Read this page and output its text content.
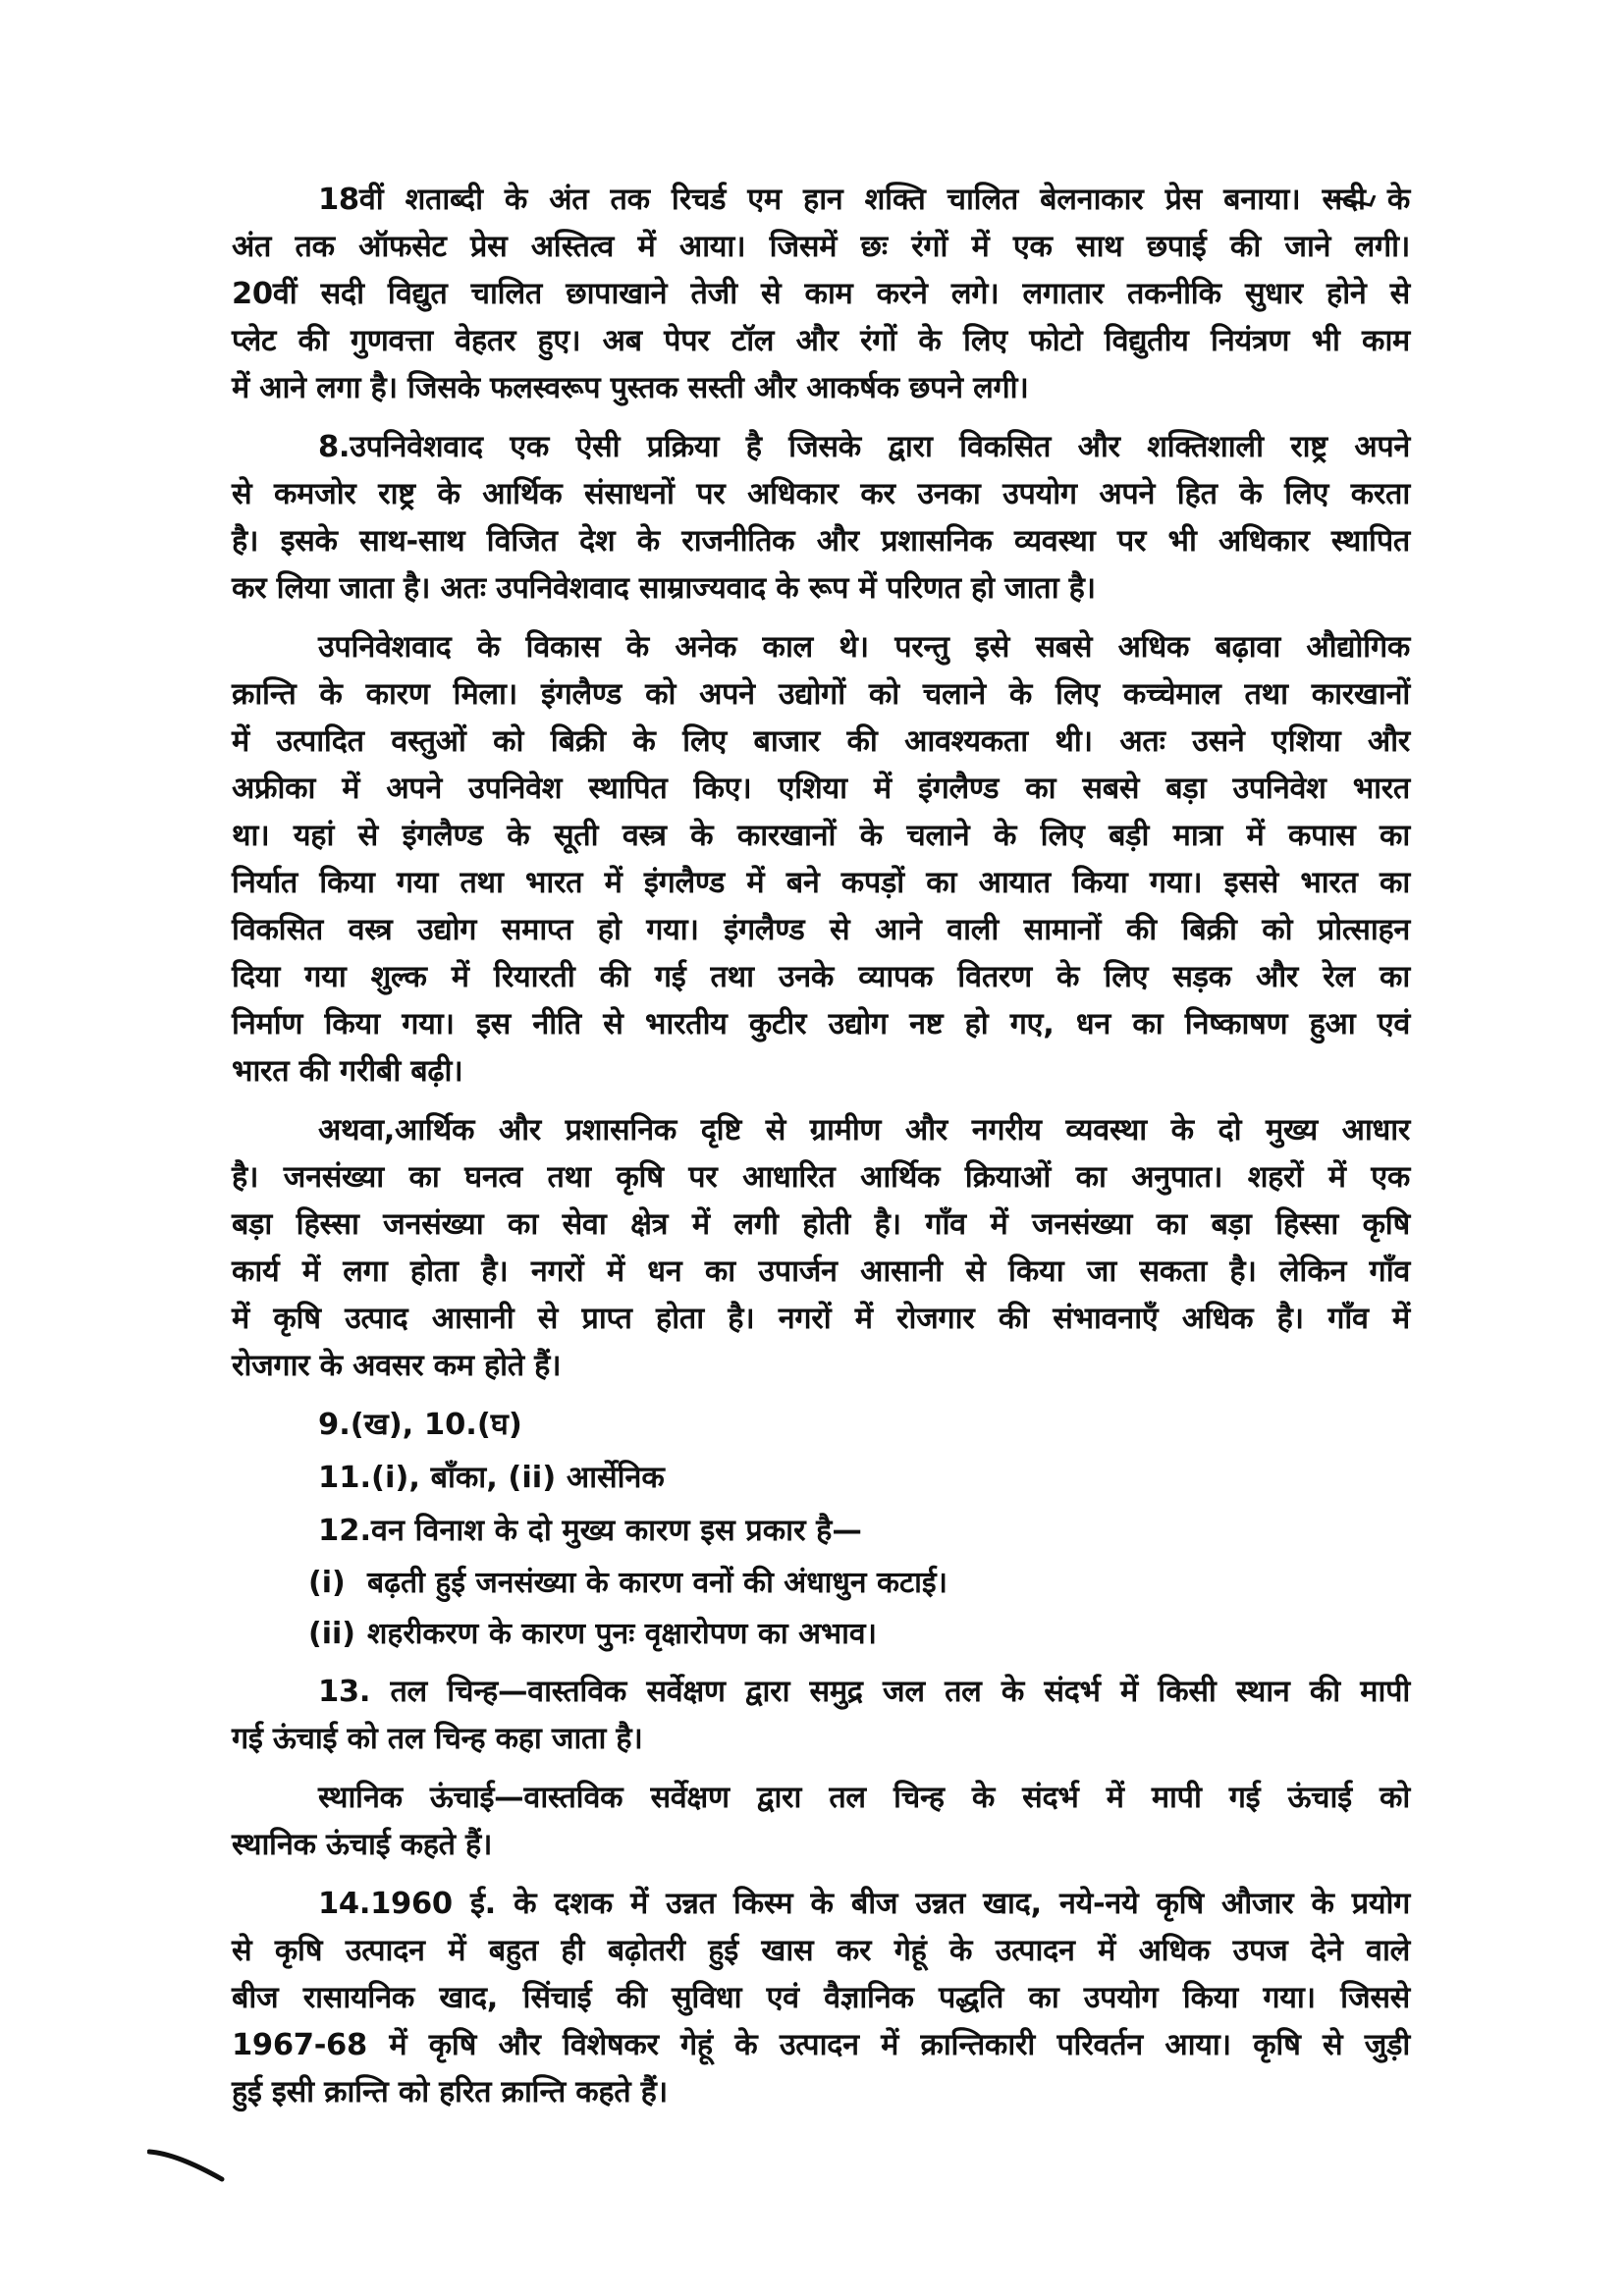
18वीं शताब्दी के अंत तक रिचर्ड एम हान शक्ति चालित बेलनाकार प्रेस बनाया। सदी के
अंत तक ऑफसेट प्रेस अस्तित्व में आया। जिसमें छः रंगों में एक साथ छपाई की जाने लगी।
20वीं सदी विद्युत चालित छापाखाने तेजी से काम करने लगे। लगातार तकनीकि सुधार होने से
प्लेट की गुणवत्ता वेहतर हुए। अब पेपर टॉल और रंगों के लिए फोटो विद्युतीय नियंत्रण भी काम
में आने लगा है। जिसके फलस्वरूप पुस्तक सस्ती और आकर्षक छपने लगी।
8.उपनिवेशवाद एक ऐसी प्रक्रिया है जिसके द्वारा विकसित और शक्तिशाली राष्ट्र अपने
से कमजोर राष्ट्र के आर्थिक संसाधनों पर अधिकार कर उनका उपयोग अपने हित के लिए करता
है। इसके साथ-साथ विजित देश के राजनीतिक और प्रशासनिक व्यवस्था पर भी अधिकार स्थापित
कर लिया जाता है। अतः उपनिवेशवाद साम्राज्यवाद के रूप में परिणत हो जाता है।
उपनिवेशवाद के विकास के अनेक काल थे। परन्तु इसे सबसे अधिक बढ़ावा औद्योगिक
क्रान्ति के कारण मिला। इंगलैण्ड को अपने उद्योगों को चलाने के लिए कच्चेमाल तथा कारखानों
में उत्पादित वस्तुओं को बिक्री के लिए बाजार की आवश्यकता थी। अतः उसने एशिया और
अफ्रीका में अपने उपनिवेश स्थापित किए। एशिया में इंगलैण्ड का सबसे बड़ा उपनिवेश भारत
था। यहां से इंगलैण्ड के सूती वस्त्र के कारखानों के चलाने के लिए बड़ी मात्रा में कपास का
निर्यात किया गया तथा भारत में इंगलैण्ड में बने कपड़ों का आयात किया गया। इससे भारत का
विकसित वस्त्र उद्योग समाप्त हो गया। इंगलैण्ड से आने वाली सामानों की बिक्री को प्रोत्साहन
दिया गया शुल्क में रियारती की गई तथा उनके व्यापक वितरण के लिए सड़क और रेल का
निर्माण किया गया। इस नीति से भारतीय कुटीर उद्योग नष्ट हो गए, धन का निष्काषण हुआ एवं
भारत की गरीबी बढ़ी।
अथवा,आर्थिक और प्रशासनिक दृष्टि से ग्रामीण और नगरीय व्यवस्था के दो मुख्य आधार
है। जनसंख्या का घनत्व तथा कृषि पर आधारित आर्थिक क्रियाओं का अनुपात। शहरों में एक
बड़ा हिस्सा जनसंख्या का सेवा क्षेत्र में लगी होती है। गाँव में जनसंख्या का बड़ा हिस्सा कृषि
कार्य में लगा होता है। नगरों में धन का उपार्जन आसानी से किया जा सकता है। लेकिन गाँव
में कृषि उत्पाद आसानी से प्राप्त होता है। नगरों में रोजगार की संभावनाएँ अधिक है। गाँव में
रोजगार के अवसर कम होते हैं।
9.(ख), 10.(घ)
11.(i), बाँका, (ii) आर्सेनिक
12.वन विनाश के दो मुख्य कारण इस प्रकार है—
(i) बढ़ती हुई जनसंख्या के कारण वनों की अंधाधुन कटाई।
(ii) शहरीकरण के कारण पुनः वृक्षारोपण का अभाव।
13. तल चिन्ह—वास्तविक सर्वेक्षण द्वारा समुद्र जल तल के संदर्भ में किसी स्थान की मापी
गई ऊंचाई को तल चिन्ह कहा जाता है।
स्थानिक ऊंचाई—वास्तविक सर्वेक्षण द्वारा तल चिन्ह के संदर्भ में मापी गई ऊंचाई को
स्थानिक ऊंचाई कहते हैं।
14.1960 ई. के दशक में उन्नत किस्म के बीज उन्नत खाद, नये-नये कृषि औजार के प्रयोग
से कृषि उत्पादन में बहुत ही बढ़ोतरी हुई खास कर गेहूं के उत्पादन में अधिक उपज देने वाले
बीज रासायनिक खाद, सिंचाई की सुविधा एवं वैज्ञानिक पद्धति का उपयोग किया गया। जिससे
1967-68 में कृषि और विशेषकर गेहूं के उत्पादन में क्रान्तिकारी परिवर्तन आया। कृषि से जुड़ी
हुई इसी क्रान्ति को हरित क्रान्ति कहते हैं।
